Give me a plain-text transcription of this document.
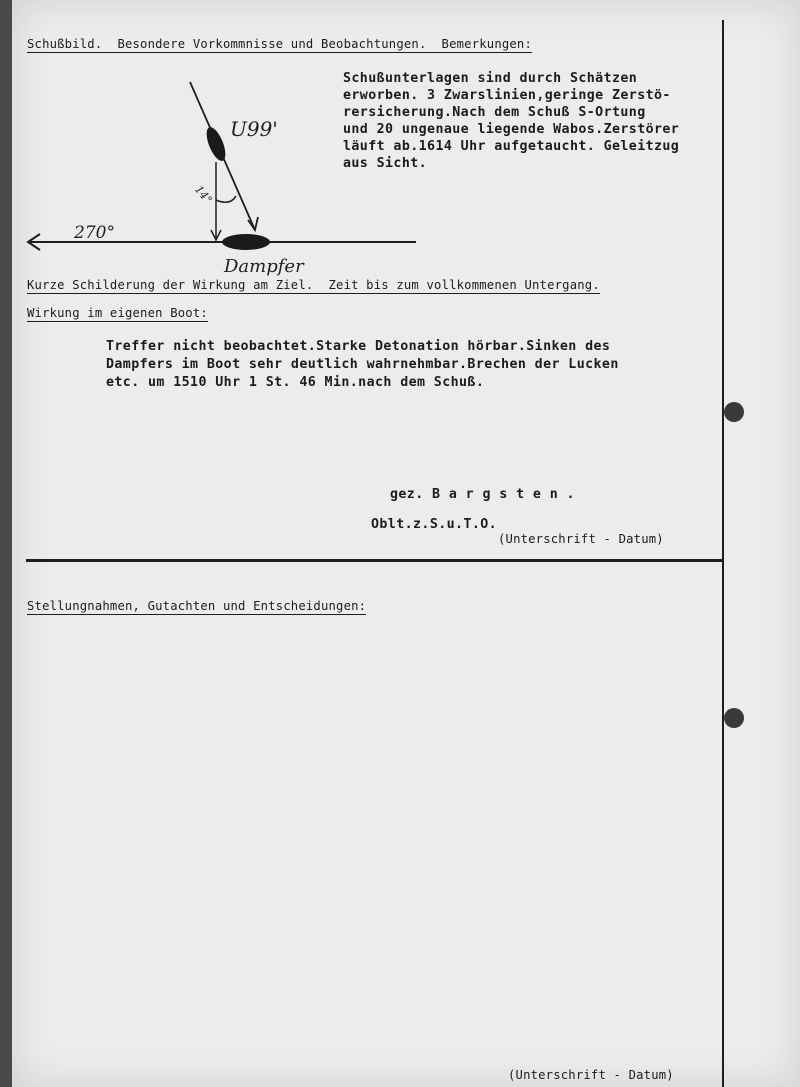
Schußbild.  Besondere Vorkommnisse und Beobachtungen.  Bemerkungen:
U99'
270°
14°
Dampfer
Schußunterlagen sind durch Schätzen
erworben. 3 Zwarslinien,geringe Zerstö-
rersicherung.Nach dem Schuß S-Ortung
und 20 ungenaue liegende Wabos.Zerstörer
läuft ab.1614 Uhr aufgetaucht. Geleitzug
aus Sicht.
Kurze Schilderung der Wirkung am Ziel.  Zeit bis zum vollkommenen Untergang.
Wirkung im eigenen Boot:
Treffer nicht beobachtet.Starke Detonation hörbar.Sinken des
Dampfers im Boot sehr deutlich wahrnehmbar.Brechen der Lucken
etc. um 1510 Uhr 1 St. 46 Min.nach dem Schuß.
gez. B a r g s t e n .
Oblt.z.S.u.T.O.
(Unterschrift - Datum)
Stellungnahmen, Gutachten und Entscheidungen:
(Unterschrift - Datum)
